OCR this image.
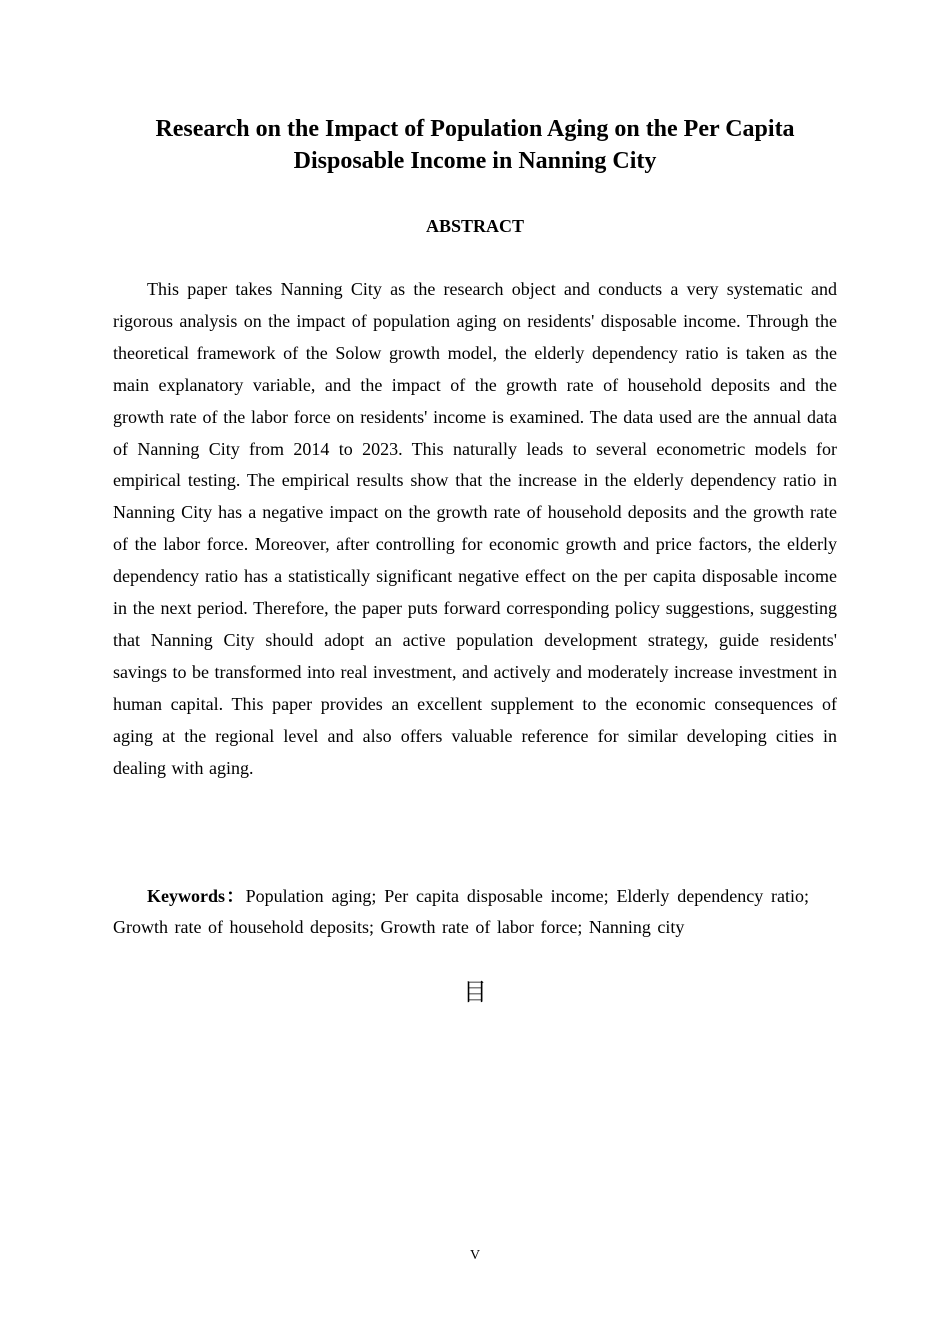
Research on the Impact of Population Aging on the Per Capita
Disposable Income in Nanning City
ABSTRACT

This paper takes Nanning City as the research object and conducts a very systematic and rigorous analysis on the impact of population aging on residents' disposable income. Through the theoretical framework of the Solow growth model, the elderly dependency ratio is taken as the main explanatory variable, and the impact of the growth rate of household deposits and the growth rate of the labor force on residents' income is examined. The data used are the annual data of Nanning City from 2014 to 2023. This naturally leads to several econometric models for empirical testing. The empirical results show that the increase in the elderly dependency ratio in Nanning City has a negative impact on the growth rate of household deposits and the growth rate of the labor force. Moreover, after controlling for economic growth and price factors, the elderly dependency ratio has a statistically significant negative effect on the per capita disposable income in the next period. Therefore, the paper puts forward corresponding policy suggestions, suggesting that Nanning City should adopt an active population development strategy, guide residents' savings to be transformed into real investment, and actively and moderately increase investment in human capital. This paper provides an excellent supplement to the economic consequences of aging at the regional level and also offers valuable reference for similar developing cities in dealing with aging.

Keywords：Population aging; Per capita disposable income; Elderly dependency ratio; Growth rate of household deposits; Growth rate of labor force; Nanning city

目
V
